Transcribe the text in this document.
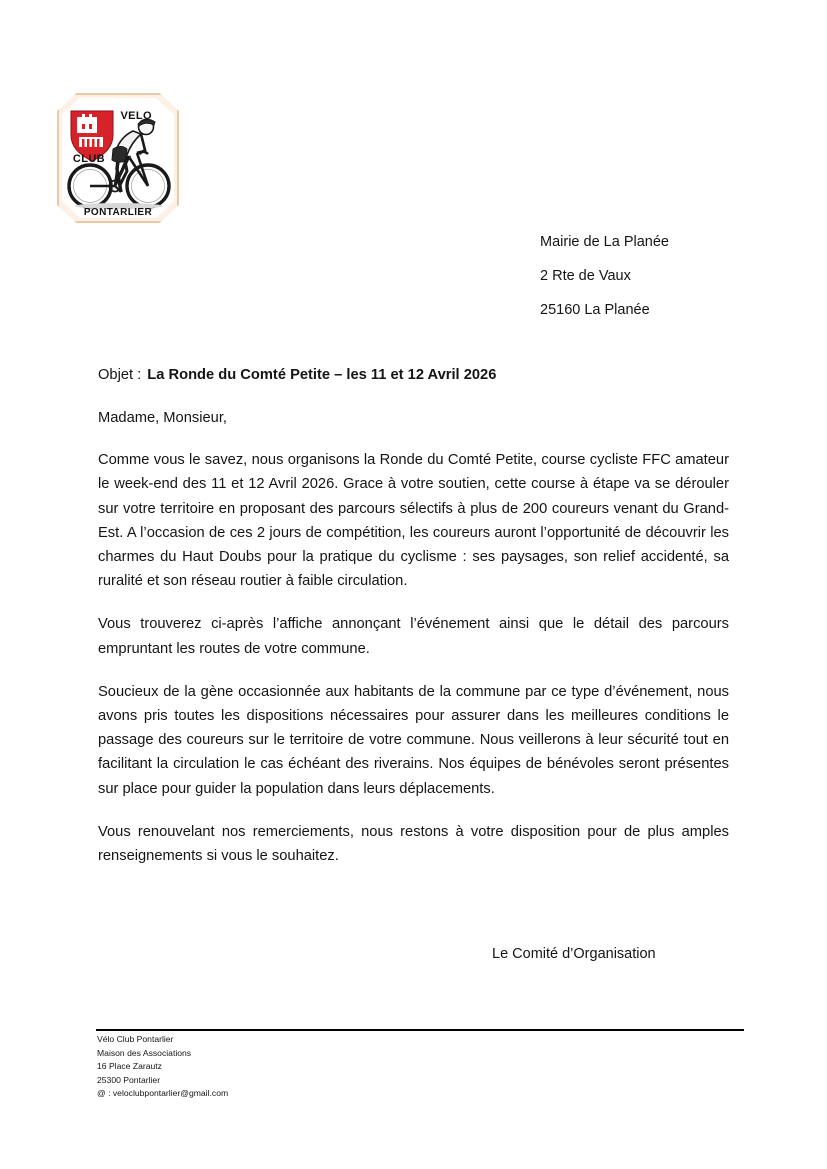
VELO
CLUB
PONTARLIER
Mairie de La Planée
2 Rte de Vaux
25160 La Planée

Objet : La Ronde du Comté Petite – les 11 et 12 Avril 2026

Madame, Monsieur,

Comme vous le savez, nous organisons la Ronde du Comté Petite, course cycliste FFC amateur le week-end des 11 et 12 Avril 2026. Grace à votre soutien, cette course à étape va se dérouler sur votre territoire en proposant des parcours sélectifs à plus de 200 coureurs venant du Grand-Est. A l’occasion de ces 2 jours de compétition, les coureurs auront l’opportunité de découvrir les charmes du Haut Doubs pour la pratique du cyclisme : ses paysages, son relief accidenté, sa ruralité et son réseau routier à faible circulation.

Vous trouverez ci-après l’affiche annonçant l’événement ainsi que le détail des parcours empruntant les routes de votre commune.

Soucieux de la gène occasionnée aux habitants de la commune par ce type d’événement, nous avons pris toutes les dispositions nécessaires pour assurer dans les meilleures conditions le passage des coureurs sur le territoire de votre commune. Nous veillerons à leur sécurité tout en facilitant la circulation le cas échéant des riverains. Nos équipes de bénévoles seront présentes sur place pour guider la population dans leurs déplacements.

Vous renouvelant nos remerciements, nous restons à votre disposition pour de plus amples renseignements si vous le souhaitez.

Le Comité d’Organisation
Vélo Club Pontarlier
Maison des Associations
16 Place Zarautz
25300 Pontarlier
@ : veloclubpontarlier@gmail.com
